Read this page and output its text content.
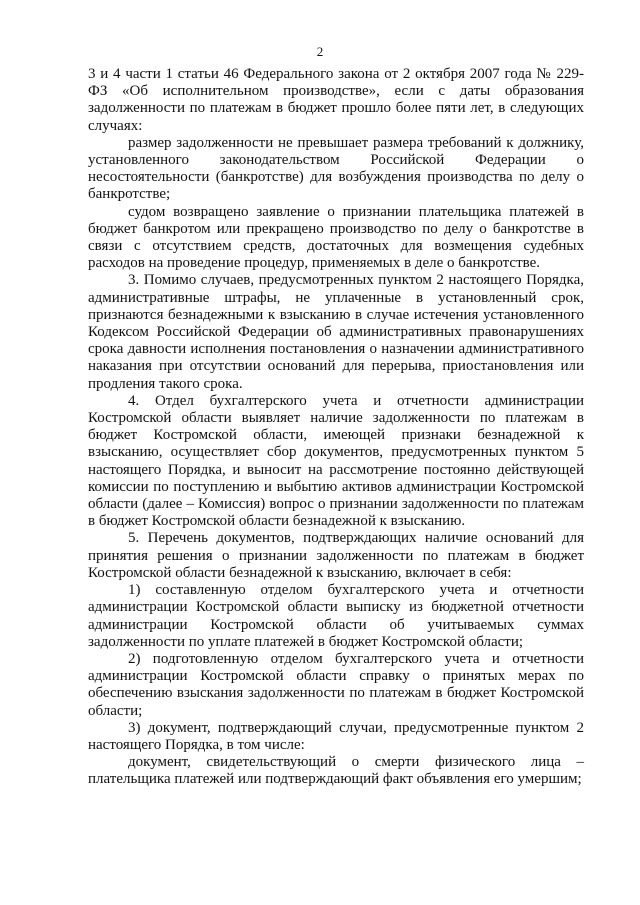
2

3 и 4 части 1 статьи 46 Федерального закона от 2 октября 2007 года № 229-ФЗ «Об исполнительном производстве», если с даты образования задолженности по платежам в бюджет прошло более пяти лет, в следующих случаях:

размер задолженности не превышает размера требований к должнику, установленного законодательством Российской Федерации о несостоятельности (банкротстве) для возбуждения производства по делу о банкротстве;

судом возвращено заявление о признании плательщика платежей в бюджет банкротом или прекращено производство по делу о банкротстве в связи с отсутствием средств, достаточных для возмещения судебных расходов на проведение процедур, применяемых в деле о банкротстве.

3. Помимо случаев, предусмотренных пунктом 2 настоящего Порядка, административные штрафы, не уплаченные в установленный срок, признаются безнадежными к взысканию в случае истечения установленного Кодексом Российской Федерации об административных правонарушениях срока давности исполнения постановления о назначении административного наказания при отсутствии оснований для перерыва, приостановления или продления такого срока.

4. Отдел бухгалтерского учета и отчетности администрации Костромской области выявляет наличие задолженности по платежам в бюджет Костромской области, имеющей признаки безнадежной к взысканию, осуществляет сбор документов, предусмотренных пунктом 5 настоящего Порядка, и выносит на рассмотрение постоянно действующей комиссии по поступлению и выбытию активов администрации Костромской области (далее – Комиссия) вопрос о признании задолженности по платежам в бюджет Костромской области безнадежной к взысканию.

5. Перечень документов, подтверждающих наличие оснований для принятия решения о признании задолженности по платежам в бюджет Костромской области безнадежной к взысканию, включает в себя:

1) составленную отделом бухгалтерского учета и отчетности администрации Костромской области выписку из бюджетной отчетности администрации Костромской области об учитываемых суммах задолженности по уплате платежей в бюджет Костромской области;

2) подготовленную отделом бухгалтерского учета и отчетности администрации Костромской области справку о принятых мерах по обеспечению взыскания задолженности по платежам в бюджет Костромской области;

3) документ, подтверждающий случаи, предусмотренные пунктом 2 настоящего Порядка, в том числе:

документ, свидетельствующий о смерти физического лица – плательщика платежей или подтверждающий факт объявления его умершим;
